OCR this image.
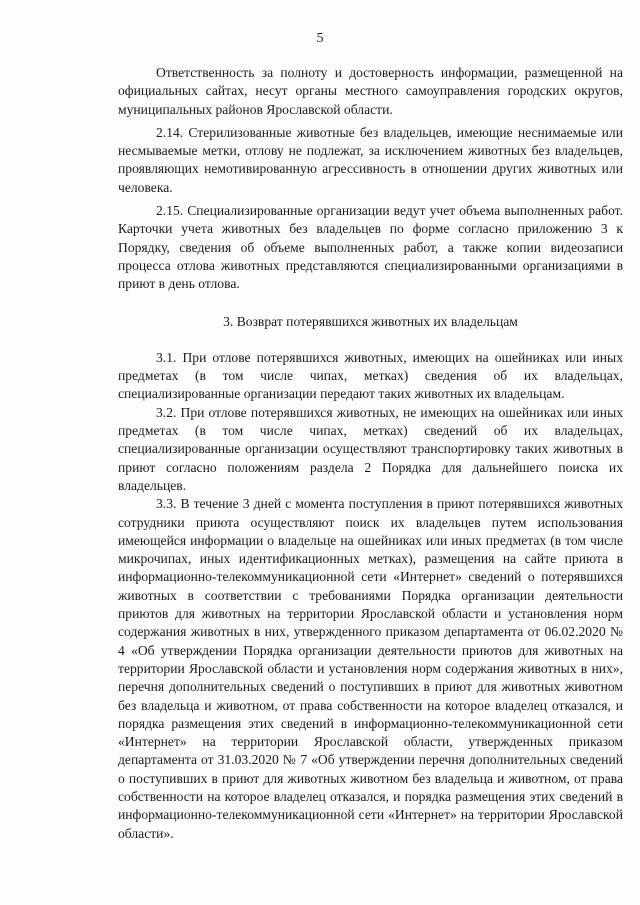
5

Ответственность за полноту и достоверность информации, размещенной на официальных сайтах, несут органы местного самоуправления городских округов, муниципальных районов Ярославской области.

2.14. Стерилизованные животные без владельцев, имеющие неснимаемые или несмываемые метки, отлову не подлежат, за исключением животных без владельцев, проявляющих немотивированную агрессивность в отношении других животных или человека.

2.15. Специализированные организации ведут учет объема выполненных работ. Карточки учета животных без владельцев по форме согласно приложению 3 к Порядку, сведения об объеме выполненных работ, а также копии видеозаписи процесса отлова животных представляются специализированными организациями в приют в день отлова.

3. Возврат потерявшихся животных их владельцам

3.1. При отлове потерявшихся животных, имеющих на ошейниках или иных предметах (в том числе чипах, метках) сведения об их владельцах, специализированные организации передают таких животных их владельцам.

3.2. При отлове потерявшихся животных, не имеющих на ошейниках или иных предметах (в том числе чипах, метках) сведений об их владельцах, специализированные организации осуществляют транспортировку таких животных в приют согласно положениям раздела 2 Порядка для дальнейшего поиска их владельцев.

3.3. В течение 3 дней с момента поступления в приют потерявшихся животных сотрудники приюта осуществляют поиск их владельцев путем использования имеющейся информации о владельце на ошейниках или иных предметах (в том числе микрочипах, иных идентификационных метках), размещения на сайте приюта в информационно-телекоммуникационной сети «Интернет» сведений о потерявшихся животных в соответствии с требованиями Порядка организации деятельности приютов для животных на территории Ярославской области и установления норм содержания животных в них, утвержденного приказом департамента от 06.02.2020 № 4 «Об утверждении Порядка организации деятельности приютов для животных на территории Ярославской области и установления норм содержания животных в них», перечня дополнительных сведений о поступивших в приют для животных животном без владельца и животном, от права собственности на которое владелец отказался, и порядка размещения этих сведений в информационно-телекоммуникационной сети «Интернет» на территории Ярославской области, утвержденных приказом департамента от 31.03.2020 № 7 «Об утверждении перечня дополнительных сведений о поступивших в приют для животных животном без владельца и животном, от права собственности на которое владелец отказался, и порядка размещения этих сведений в информационно-телекоммуникационной сети «Интернет» на территории Ярославской области».
